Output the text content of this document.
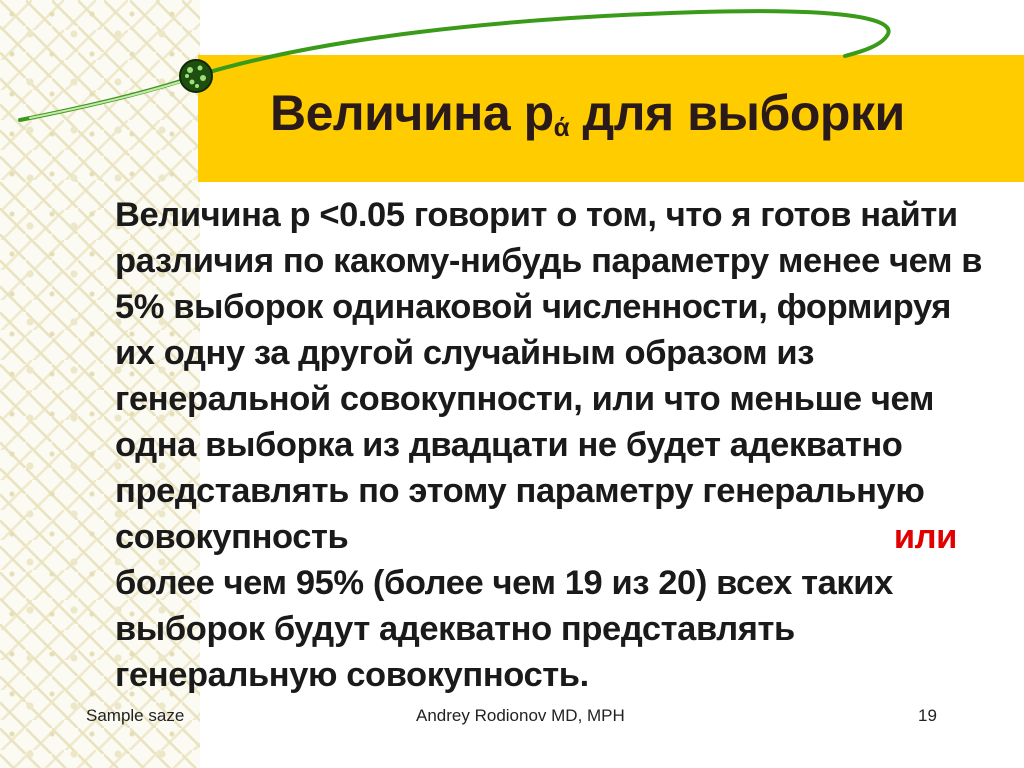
Величина $р_ά$ для выборки

Величина р <0.05 говорит о том, что я готов найти
различия по какому-нибудь параметру менее чем в
5% выборок одинаковой численности, формируя
их одну за другой случайным образом из
генеральной совокупности, или что меньше чем
одна выборка из двадцати не будет адекватно
представлять по этому параметру генеральную
совокупность	или

более чем 95% (более чем 19 из 20) всех таких
выборок будут адекватно представлять
генеральную совокупность.

Sample saze	Andrey Rodionov MD, MPH	19
